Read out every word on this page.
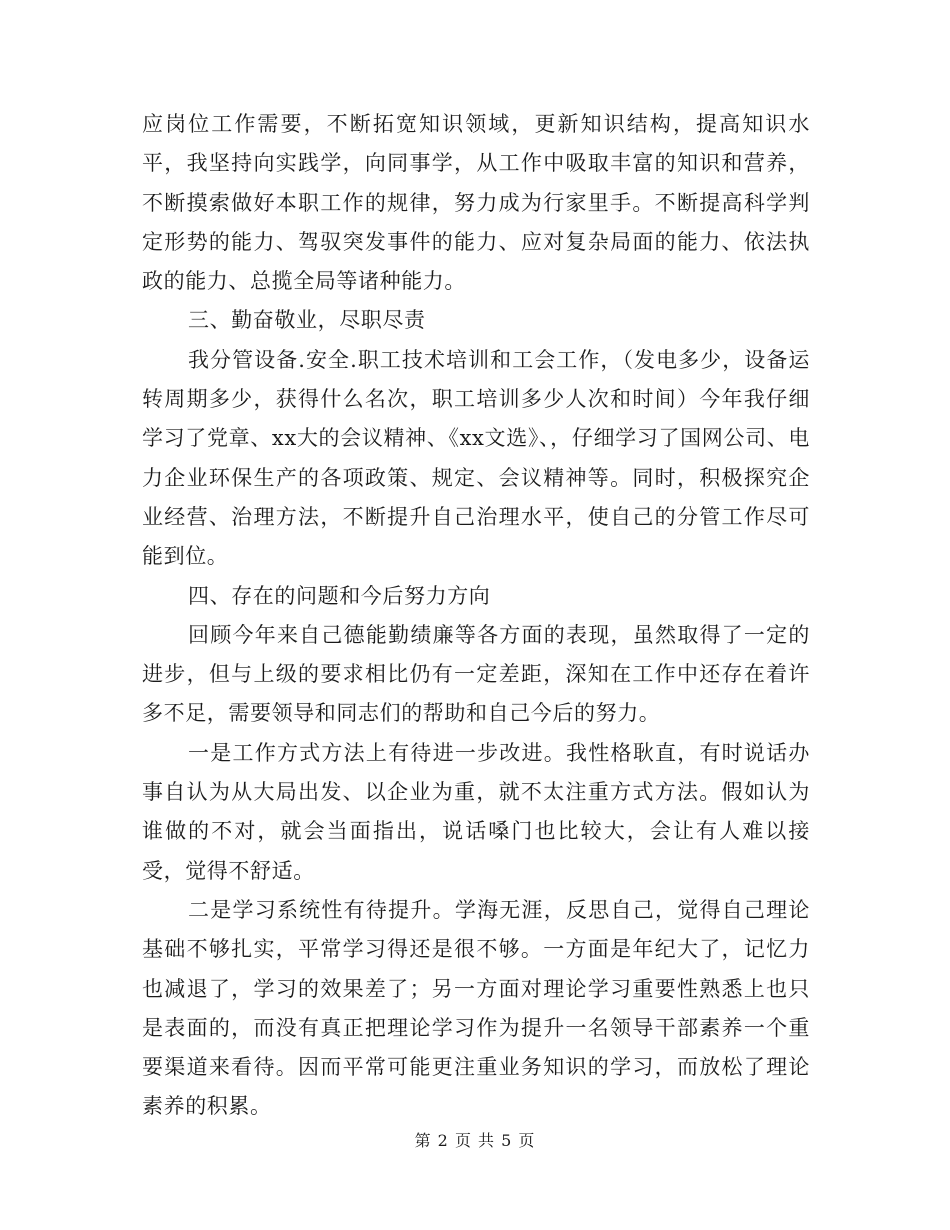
应岗位工作需要，不断拓宽知识领域，更新知识结构，提高知识水平，我坚持向实践学，向同事学，从工作中吸取丰富的知识和营养，不断摸索做好本职工作的规律，努力成为行家里手。不断提高科学判定形势的能力、驾驭突发事件的能力、应对复杂局面的能力、依法执政的能力、总揽全局等诸种能力。

三、勤奋敬业，尽职尽责

我分管设备.安全.职工技术培训和工会工作，（发电多少，设备运转周期多少，获得什么名次，职工培训多少人次和时间）今年我仔细学习了党章、xx大的会议精神、《xx文选》、，仔细学习了国网公司、电力企业环保生产的各项政策、规定、会议精神等。同时，积极探究企业经营、治理方法，不断提升自己治理水平，使自己的分管工作尽可能到位。

四、存在的问题和今后努力方向

回顾今年来自己德能勤绩廉等各方面的表现，虽然取得了一定的进步，但与上级的要求相比仍有一定差距，深知在工作中还存在着许多不足，需要领导和同志们的帮助和自己今后的努力。

一是工作方式方法上有待进一步改进。我性格耿直，有时说话办事自认为从大局出发、以企业为重，就不太注重方式方法。假如认为谁做的不对，就会当面指出，说话嗓门也比较大，会让有人难以接受，觉得不舒适。

二是学习系统性有待提升。学海无涯，反思自己，觉得自己理论基础不够扎实，平常学习得还是很不够。一方面是年纪大了，记忆力也减退了，学习的效果差了；另一方面对理论学习重要性熟悉上也只是表面的，而没有真正把理论学习作为提升一名领导干部素养一个重要渠道来看待。因而平常可能更注重业务知识的学习，而放松了理论素养的积累。

第 2 页 共 5 页
